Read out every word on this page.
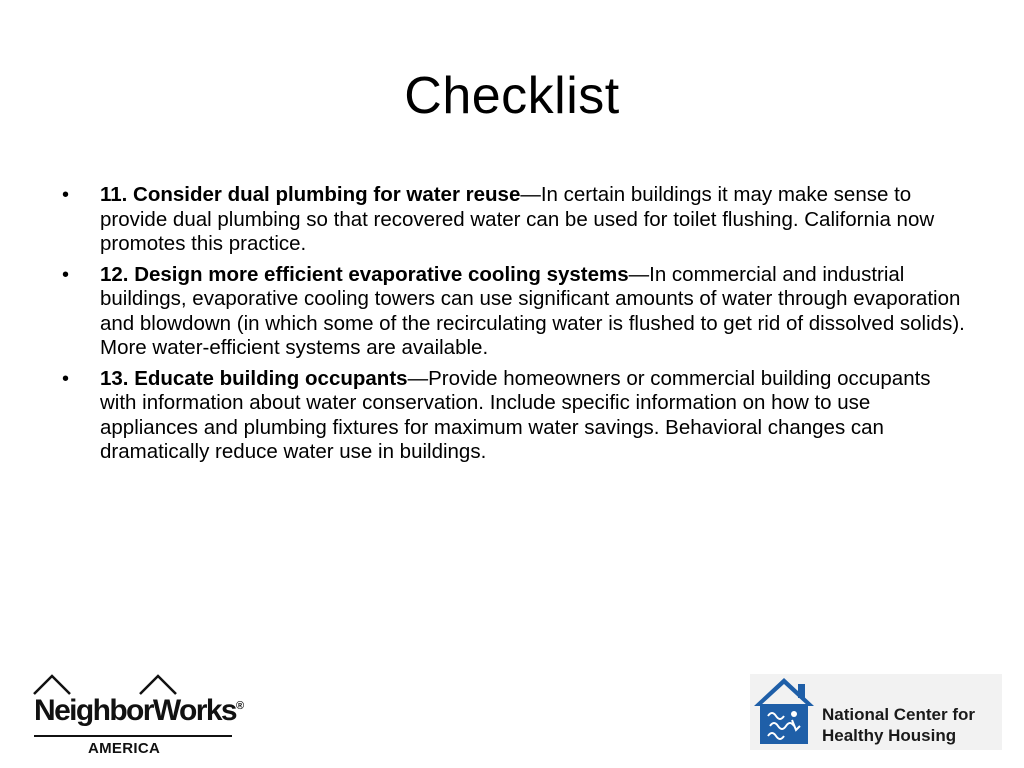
Checklist
• 11. Consider dual plumbing for water reuse—In certain buildings it may make sense to provide dual plumbing so that recovered water can be used for toilet flushing. California now promotes this practice.
• 12. Design more efficient evaporative cooling systems—In commercial and industrial buildings, evaporative cooling towers can use significant amounts of water through evaporation and blowdown (in which some of the recirculating water is flushed to get rid of dissolved solids). More water-efficient systems are available.
• 13. Educate building occupants—Provide homeowners or commercial building occupants with information about water conservation. Include specific information on how to use appliances and plumbing fixtures for maximum water savings. Behavioral changes can dramatically reduce water use in buildings.
NeighborWorks®
AMERICA
National Center for
Healthy Housing
